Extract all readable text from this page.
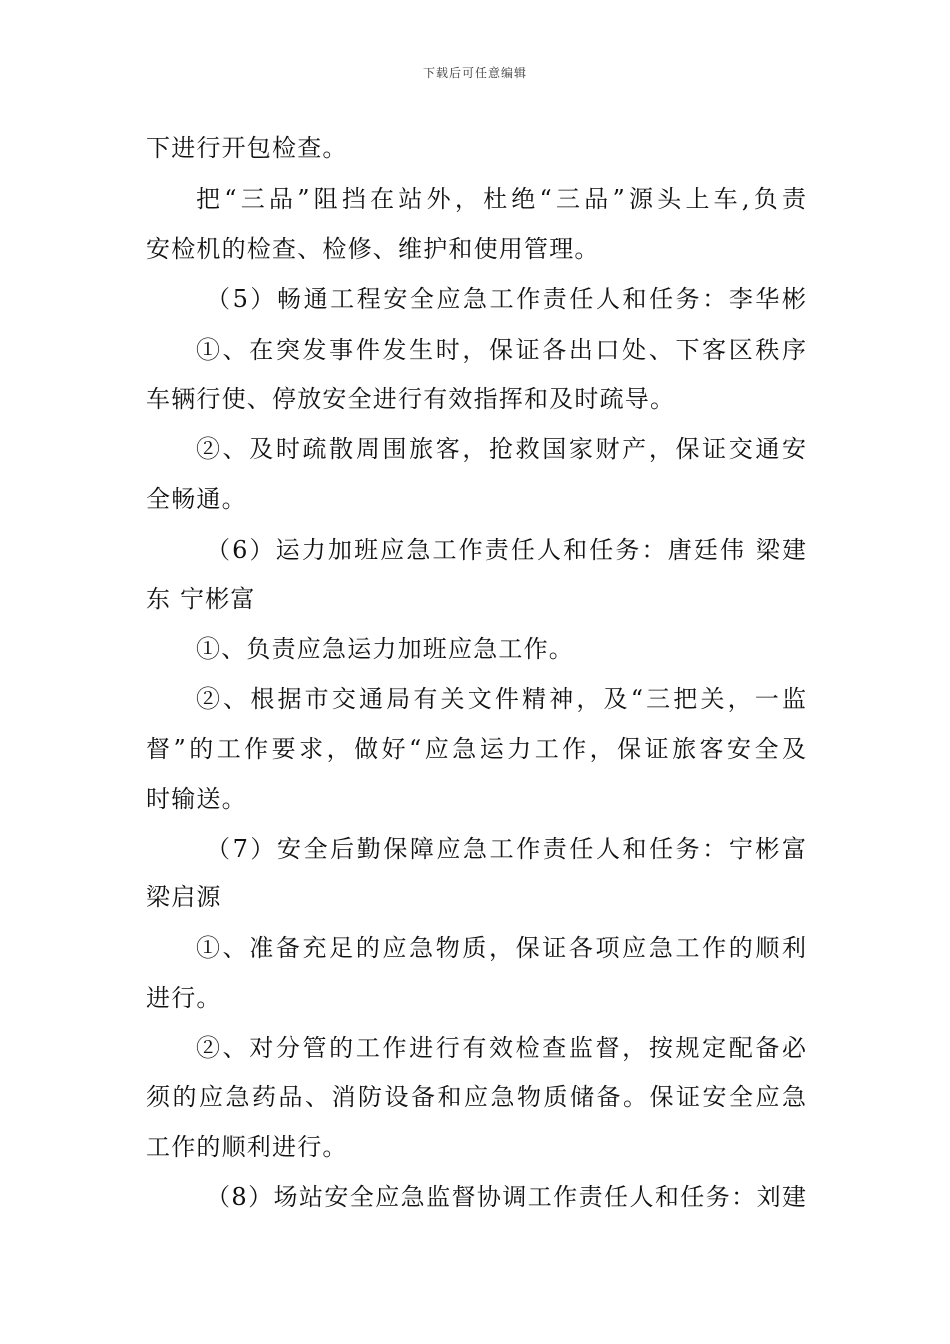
下载后可任意编辑
下进行开包检查。
把“三品”阻挡在站外，杜绝“三品”源头上车,负责
安检机的检查、检修、维护和使用管理。
（5）畅通工程安全应急工作责任人和任务：李华彬
①、在突发事件发生时，保证各出口处、下客区秩序
车辆行使、停放安全进行有效指挥和及时疏导。
②、及时疏散周围旅客，抢救国家财产，保证交通安
全畅通。
（6）运力加班应急工作责任人和任务：唐廷伟 梁建
东 宁彬富
①、负责应急运力加班应急工作。
②、根据市交通局有关文件精神，及“三把关，一监
督”的工作要求，做好“应急运力工作，保证旅客安全及
时输送。
（7）安全后勤保障应急工作责任人和任务：宁彬富
梁启源
①、准备充足的应急物质，保证各项应急工作的顺利
进行。
②、对分管的工作进行有效检查监督，按规定配备必
须的应急药品、消防设备和应急物质储备。保证安全应急
工作的顺利进行。
（8）场站安全应急监督协调工作责任人和任务：刘建
